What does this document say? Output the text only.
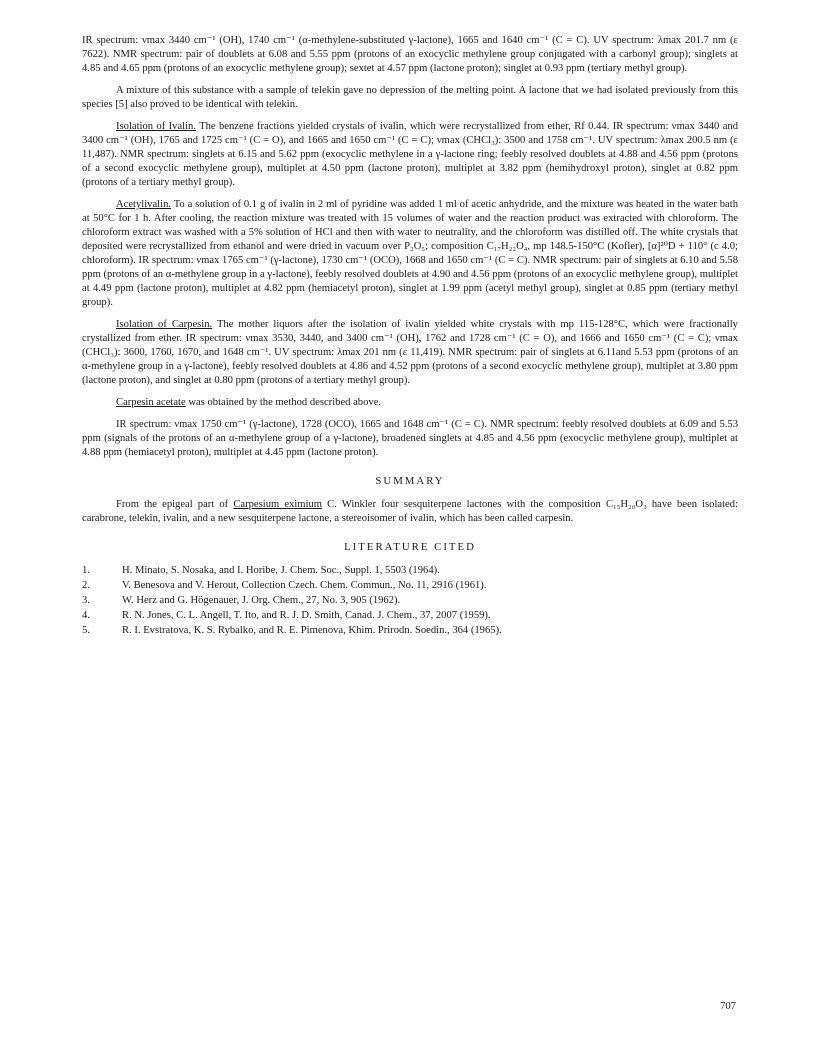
IR spectrum: νmax 3440 cm⁻¹ (OH), 1740 cm⁻¹ (α-methylene-substituted γ-lactone), 1665 and 1640 cm⁻¹ (C = C). UV spectrum: λmax 201.7 nm (ε 7622). NMR spectrum: pair of doublets at 6.08 and 5.55 ppm (protons of an exocyclic methylene group conjugated with a carbonyl group); singlets at 4.85 and 4.65 ppm (protons of an exocyclic methylene group); sextet at 4.57 ppm (lactone proton); singlet at 0.93 ppm (tertiary methyl group).

A mixture of this substance with a sample of telekin gave no depression of the melting point. A lactone that we had isolated previously from this species [5] also proved to be identical with telekin.

Isolation of Ivalin. The benzene fractions yielded crystals of ivalin, which were recrystallized from ether, Rf 0.44. IR spectrum: νmax 3440 and 3400 cm⁻¹ (OH), 1765 and 1725 cm⁻¹ (C = O), and 1665 and 1650 cm⁻¹ (C = C); νmax (CHCl₃): 3500 and 1758 cm⁻¹. UV spectrum: λmax 200.5 nm (ε 11,487). NMR spectrum: singlets at 6.15 and 5.62 ppm (exocyclic methylene in a γ-lactone ring; feebly resolved doublets at 4.88 and 4.56 ppm (protons of a second exocyclic methylene group), multiplet at 4.50 ppm (lactone proton), multiplet at 3.82 ppm (hemihydroxyl proton), singlet at 0.82 ppm (protons of a tertiary methyl group).

Acetylivalin. To a solution of 0.1 g of ivalin in 2 ml of pyridine was added 1 ml of acetic anhydride, and the mixture was heated in the water bath at 50°C for 1 h. After cooling, the reaction mixture was treated with 15 volumes of water and the reaction product was extracted with chloroform. The chloroform extract was washed with a 5% solution of HCl and then with water to neutrality, and the chloroform was distilled off. The white crystals that deposited were recrystallized from ethanol and were dried in vacuum over P₂O₅; composition C₁₇H₂₂O₄, mp 148.5-150°C (Kofler), [α]²⁰D + 110° (c 4.0; chloroform). IR spectrum: νmax 1765 cm⁻¹ (γ-lactone), 1730 cm⁻¹ (OCO), 1668 and 1650 cm⁻¹ (C = C). NMR spectrum: pair of singlets at 6.10 and 5.58 ppm (protons of an α-methylene group in a γ-lactone), feebly resolved doublets at 4.90 and 4.56 ppm (protons of an exocyclic methylene group), multiplet at 4.49 ppm (lactone proton), multiplet at 4.82 ppm (hemiacetyl proton), singlet at 1.99 ppm (acetyl methyl group), singlet at 0.85 ppm (tertiary methyl group).

Isolation of Carpesin. The mother liquors after the isolation of ivalin yielded white crystals with mp 115-128°C, which were fractionally crystallized from ether. IR spectrum: νmax 3530, 3440, and 3400 cm⁻¹ (OH), 1762 and 1728 cm⁻¹ (C = O), and 1666 and 1650 cm⁻¹ (C = C); νmax (CHCl₃): 3600, 1760, 1670, and 1648 cm⁻¹. UV spectrum: λmax 201 nm (ε 11,419). NMR spectrum: pair of singlets at 6.11and 5.53 ppm (protons of an α-methylene group in a γ-lactone), feebly resolved doublets at 4.86 and 4.52 ppm (protons of a second exocyclic methylene group), multiplet at 3.80 ppm (lactone proton), and singlet at 0.80 ppm (protons of a tertiary methyl group).

Carpesin acetate was obtained by the method described above.

IR spectrum: νmax 1750 cm⁻¹ (γ-lactone), 1728 (OCO), 1665 and 1648 cm⁻¹ (C = C). NMR spectrum: feebly resolved doublets at 6.09 and 5.53 ppm (signals of the protons of an α-methylene group of a γ-lactone), broadened singlets at 4.85 and 4.56 ppm (exocyclic methylene group), multiplet at 4.88 ppm (hemiacetyl proton), multiplet at 4.45 ppm (lactone proton).

SUMMARY

From the epigeal part of Carpesium eximium C. Winkler four sesquiterpene lactones with the composition C₁₅H₂₀O₃ have been isolated: carabrone, telekin, ivalin, and a new sesquiterpene lactone, a stereoisomer of ivalin, which has been called carpesin.

LITERATURE CITED
1.	H. Minato, S. Nosaka, and I. Horibe, J. Chem. Soc., Suppl. 1, 5503 (1964).
2.	V. Benesova and V. Herout, Collection Czech. Chem. Commun., No. 11, 2916 (1961).
3.	W. Herz and G. Högenauer, J. Org. Chem., 27, No. 3, 905 (1962).
4.	R. N. Jones, C. L. Angell, T. Ito, and R. J. D. Smith, Canad. J. Chem., 37, 2007 (1959).
5.	R. I. Evstratova, K. S. Rybalko, and R. E. Pimenova, Khim. Prirodn. Soedin., 364 (1965).
707
